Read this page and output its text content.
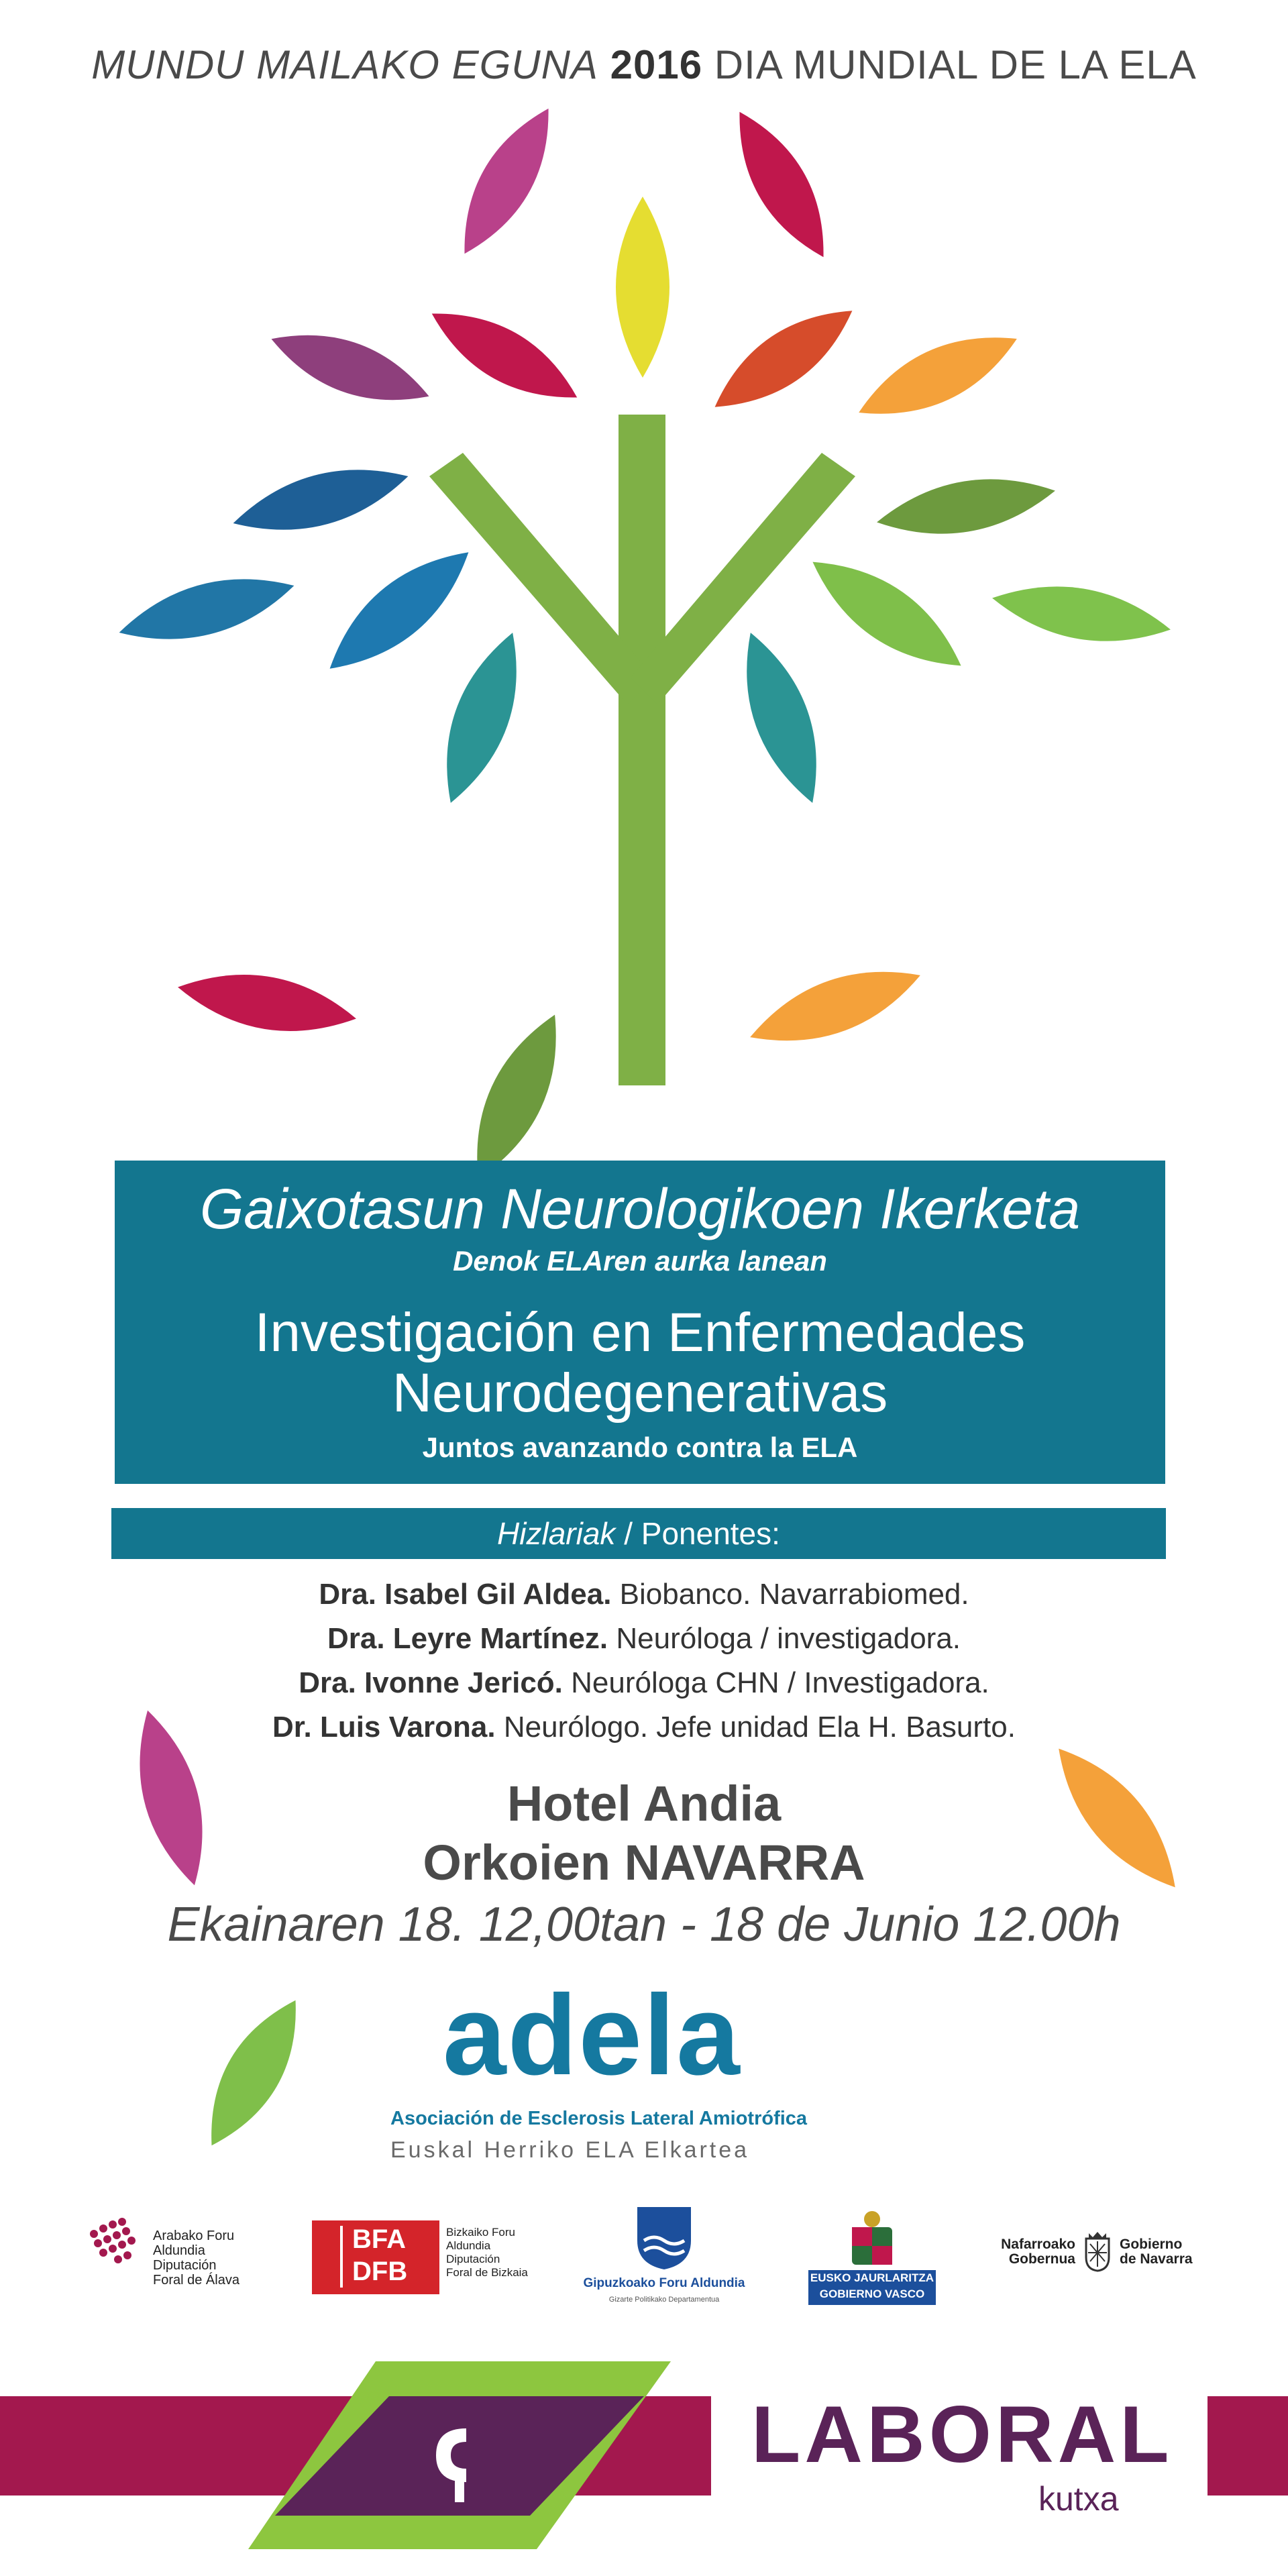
MUNDU MAILAKO EGUNA 2016 DIA MUNDIAL DE LA ELA
Gaixotasun Neurologikoen Ikerketa
Denok ELAren aurka lanean
Investigación en Enfermedades
Neurodegenerativas
Juntos avanzando contra la ELA
Hizlariak / Ponentes:
Dra. Isabel Gil Aldea. Biobanco. Navarrabiomed.
Dra. Leyre Martínez. Neuróloga / investigadora.
Dra. Ivonne Jericó. Neuróloga CHN / Investigadora.
Dr. Luis Varona. Neurólogo. Jefe unidad Ela H. Basurto.
Hotel Andia
Orkoien NAVARRA
Ekainaren 18. 12,00tan - 18 de Junio 12.00h
adela
Asociación de Esclerosis Lateral Amiotrófica
Euskal Herriko ELA Elkartea
Arabako Foru
Aldundia
Diputación
Foral de Álava
BFA
DFB
Bizkaiko Foru
Aldundia
Diputación
Foral de Bizkaia
Gipuzkoako Foru Aldundia
Gizarte Politikako Departamentua
EUSKO JAURLARITZA
GOBIERNO VASCO
Nafarroako
Gobernua
Gobierno
de Navarra
LABORAL
kutxa
